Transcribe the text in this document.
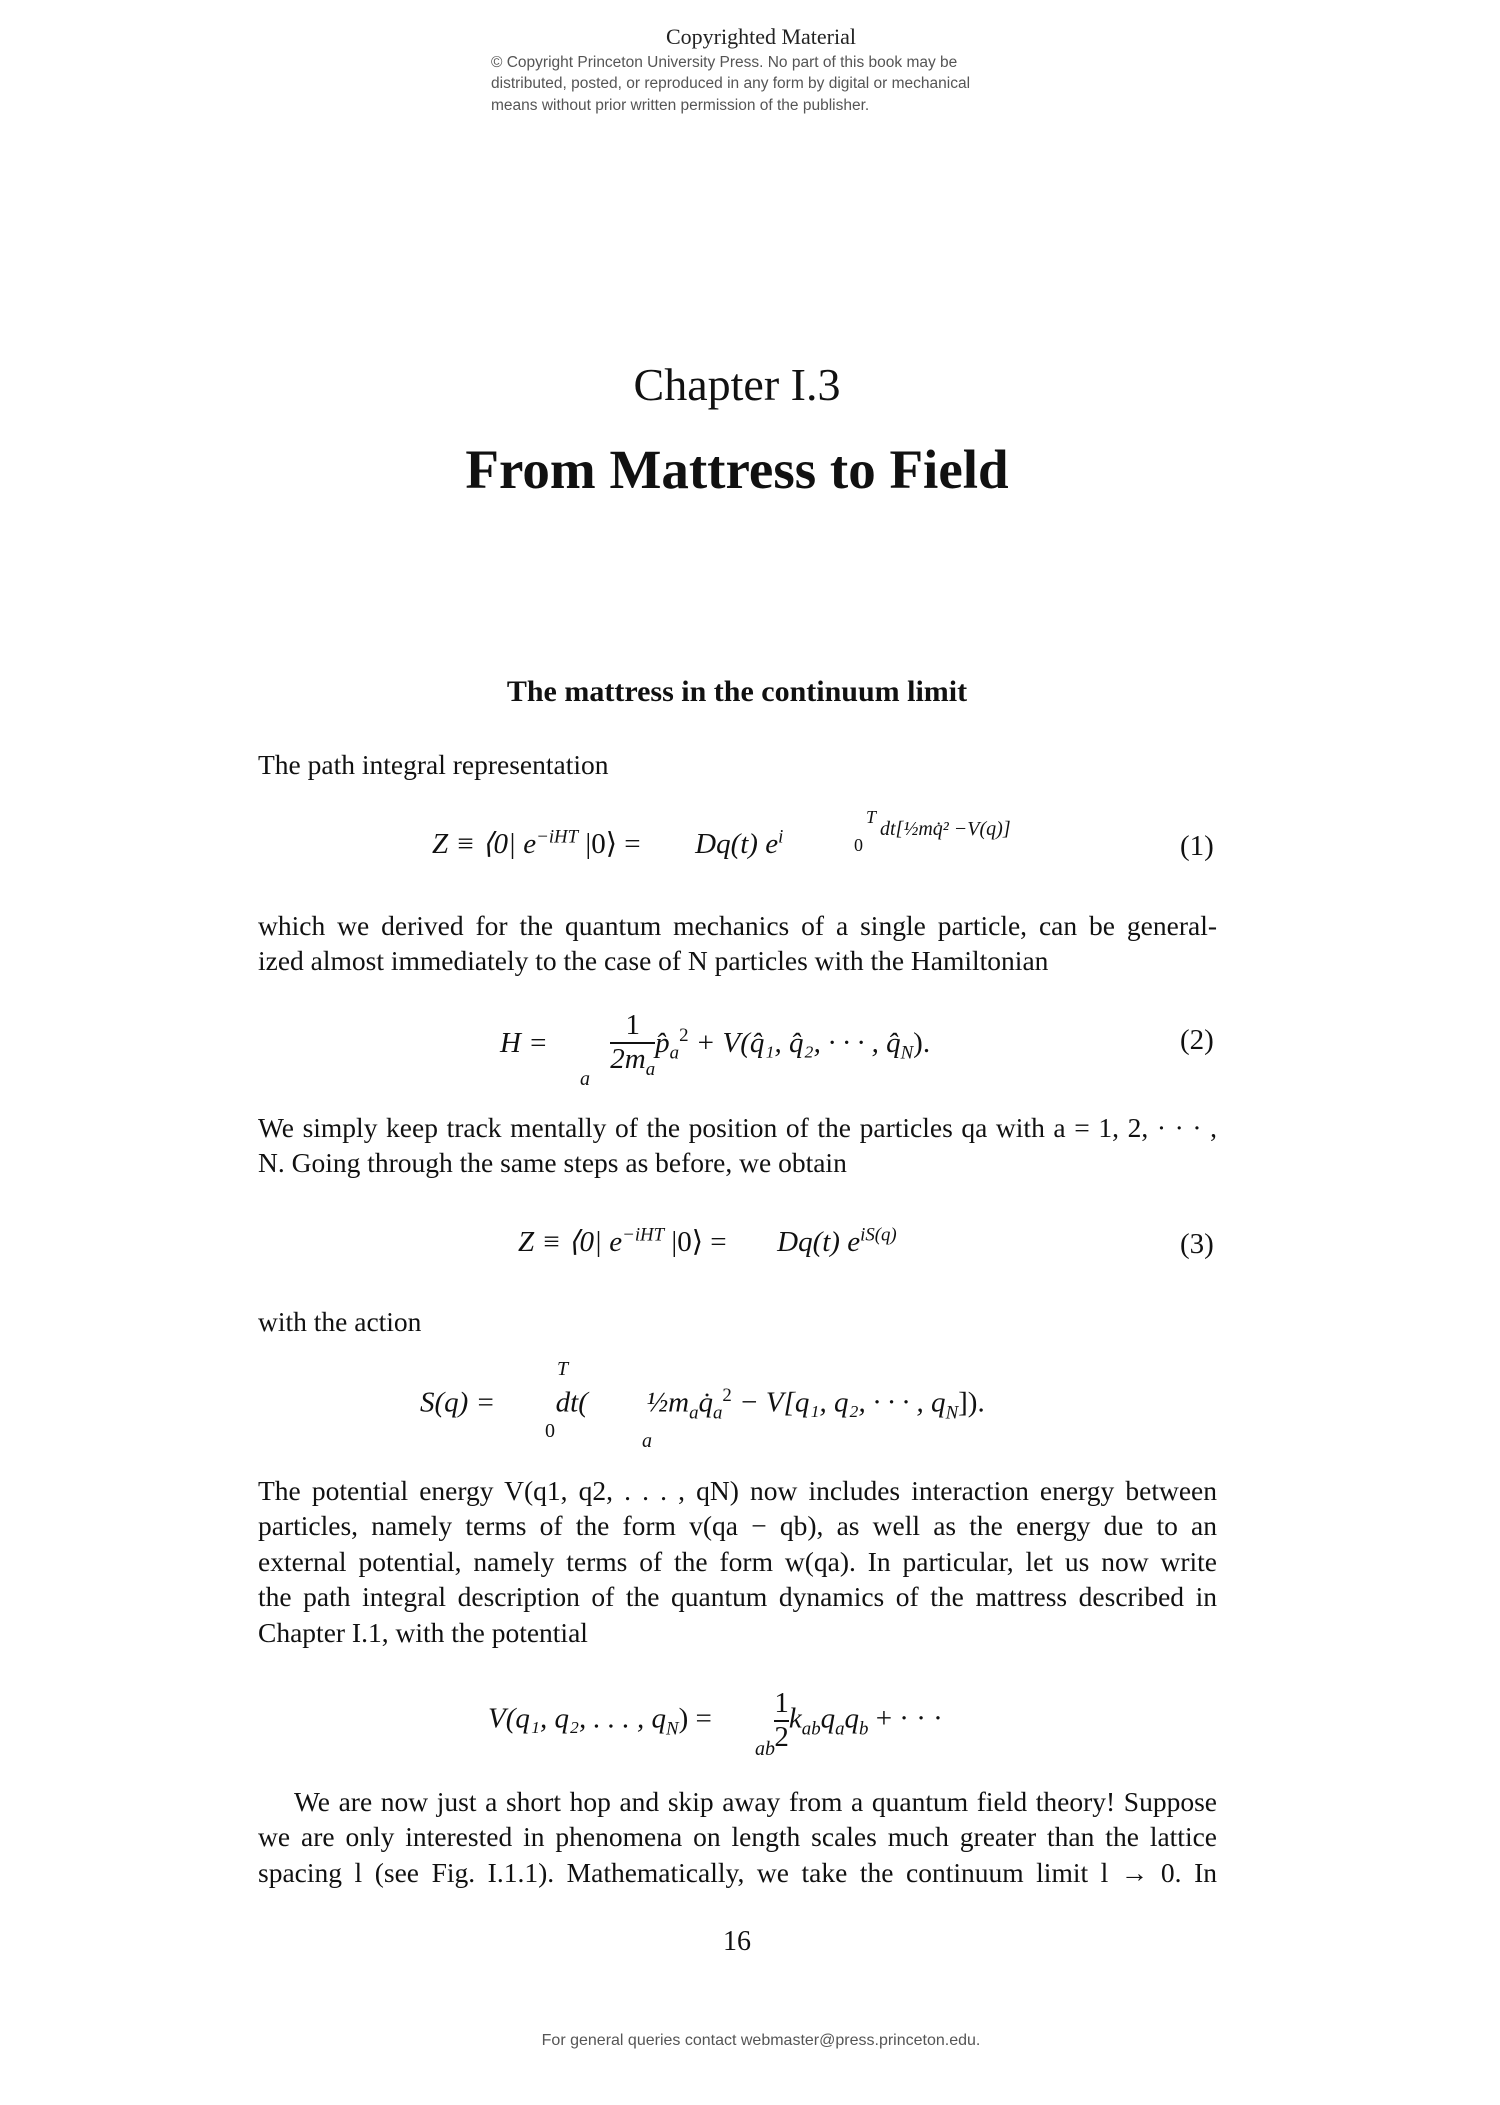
Copyrighted Material
© Copyright Princeton University Press. No part of this book may be
distributed, posted, or reproduced in any form by digital or mechanical
means without prior written permission of the publisher.
Chapter I.3
From Mattress to Field
The mattress in the continuum limit
The path integral representation
Z ≡ ⟨0| $e^{-iHT}$ |0⟩ = Dq(t) $e^i$
T
0
dt[½mq̇² −V(q)]
(1)
which we derived for the quantum mechanics of a single particle, can be general-
ized almost immediately to the case of N particles with the Hamiltonian
$H = \frac{1}{2m_a}$ $p̂_a^2$ + V(q̂₁, q̂₂, · · · , $q̂_N$).
a
(2)
We simply keep track mentally of the position of the particles qa with a = 1, 2, · · · ,
N. Going through the same steps as before, we obtain
Z ≡ ⟨0| $e^{-iHT}$ |0⟩ = Dq(t) $e^{iS(q)}$	(3)
with the action
S(q) = dt( $\frac{1}{2}m_aq̇_a^2 - V[q_1$, q₂, · · · , $q_N$]).
T
0	a
The potential energy V(q1, q2, . . . , qN) now includes interaction energy between
particles, namely terms of the form v(qa − qb), as well as the energy due to an
external potential, namely terms of the form w(qa). In particular, let us now write
the path integral description of the quantum dynamics of the mattress described in
Chapter I.1, with the potential
V(q₁, q₂, . . . , $q_N) = \frac{1}{2} k_{ab}q_aq_b$ + · · ·
ab
We are now just a short hop and skip away from a quantum field theory! Suppose
we are only interested in phenomena on length scales much greater than the lattice
spacing l (see Fig. I.1.1). Mathematically, we take the continuum limit l → 0. In
16
For general queries contact webmaster@press.princeton.edu.
